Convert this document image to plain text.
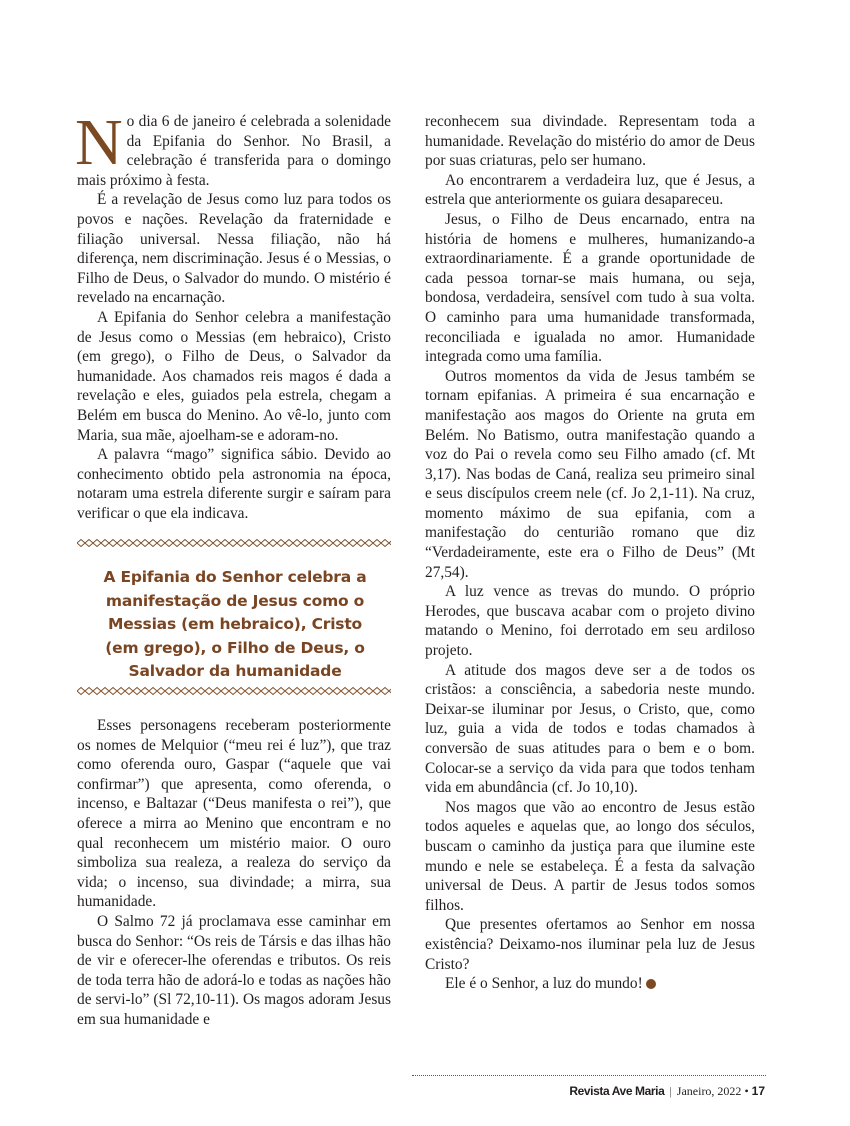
No dia 6 de janeiro é celebrada a solenidade da Epifania do Senhor. No Brasil, a celebração é transferida para o domingo mais próximo à festa.

É a revelação de Jesus como luz para todos os povos e nações. Revelação da fraternidade e filiação universal. Nessa filiação, não há diferença, nem discriminação. Jesus é o Messias, o Filho de Deus, o Salvador do mundo. O mistério é revelado na encarnação.

A Epifania do Senhor celebra a manifestação de Jesus como o Messias (em hebraico), Cristo (em grego), o Filho de Deus, o Salvador da humanidade. Aos chamados reis magos é dada a revelação e eles, guiados pela estrela, chegam a Belém em busca do Menino. Ao vê-lo, junto com Maria, sua mãe, ajoelham-se e adoram-no.

A palavra “mago” significa sábio. Devido ao conhecimento obtido pela astronomia na época, notaram uma estrela diferente surgir e saíram para verificar o que ela indicava.

A Epifania do Senhor celebra a manifestação de Jesus como o Messias (em hebraico), Cristo (em grego), o Filho de Deus, o Salvador da humanidade

Esses personagens receberam posteriormente os nomes de Melquior (“meu rei é luz”), que traz como oferenda ouro, Gaspar (“aquele que vai confirmar”) que apresenta, como oferenda, o incenso, e Baltazar (“Deus manifesta o rei”), que oferece a mirra ao Menino que encontram e no qual reconhecem um mistério maior. O ouro simboliza sua realeza, a realeza do serviço da vida; o incenso, sua divindade; a mirra, sua humanidade.

O Salmo 72 já proclamava esse caminhar em busca do Senhor: “Os reis de Társis e das ilhas hão de vir e oferecer-lhe oferendas e tributos. Os reis de toda terra hão de adorá-lo e todas as nações hão de servi-lo” (Sl 72,10-11). Os magos adoram Jesus em sua humanidade e

reconhecem sua divindade. Representam toda a humanidade. Revelação do mistério do amor de Deus por suas criaturas, pelo ser humano.

Ao encontrarem a verdadeira luz, que é Jesus, a estrela que anteriormente os guiara desapareceu.

Jesus, o Filho de Deus encarnado, entra na história de homens e mulheres, humanizando-a extraordinariamente. É a grande oportunidade de cada pessoa tornar-se mais humana, ou seja, bondosa, verdadeira, sensível com tudo à sua volta. O caminho para uma humanidade transformada, reconciliada e igualada no amor. Humanidade integrada como uma família.

Outros momentos da vida de Jesus também se tornam epifanias. A primeira é sua encarnação e manifestação aos magos do Oriente na gruta em Belém. No Batismo, outra manifestação quando a voz do Pai o revela como seu Filho amado (cf. Mt 3,17). Nas bodas de Caná, realiza seu primeiro sinal e seus discípulos creem nele (cf. Jo 2,1-11). Na cruz, momento máximo de sua epifania, com a manifestação do centurião romano que diz “Verdadeiramente, este era o Filho de Deus” (Mt 27,54).

A luz vence as trevas do mundo. O próprio Herodes, que buscava acabar com o projeto divino matando o Menino, foi derrotado em seu ardiloso projeto.

A atitude dos magos deve ser a de todos os cristãos: a consciência, a sabedoria neste mundo. Deixar-se iluminar por Jesus, o Cristo, que, como luz, guia a vida de todos e todas chamados à conversão de suas atitudes para o bem e o bom. Colocar-se a serviço da vida para que todos tenham vida em abundância (cf. Jo 10,10).

Nos magos que vão ao encontro de Jesus estão todos aqueles e aquelas que, ao longo dos séculos, buscam o caminho da justiça para que ilumine este mundo e nele se estabeleça. É a festa da salvação universal de Deus. A partir de Jesus todos somos filhos.

Que presentes ofertamos ao Senhor em nossa existência? Deixamo-nos iluminar pela luz de Jesus Cristo?

Ele é o Senhor, a luz do mundo!

Revista Ave Maria | Janeiro, 2022 • 17
